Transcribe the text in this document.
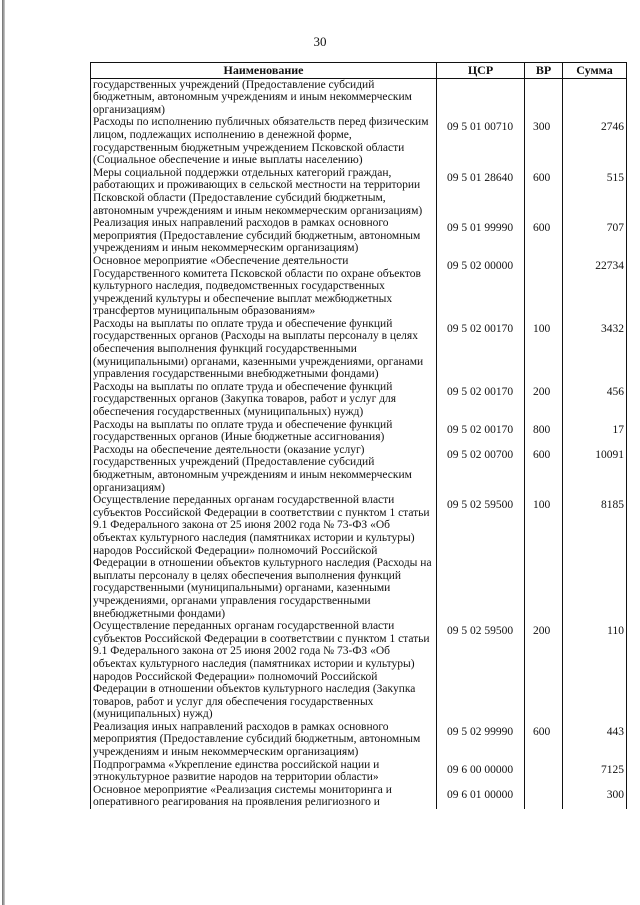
30
Наименование	ЦСР	ВР	Сумма
государственных учреждений (Предоставление субсидий бюджетным, автономным учреждениям и иным некоммерческим организациям)			
Расходы по исполнению публичных обязательств перед физическим лицом, подлежащих исполнению в денежной форме, государственным бюджетным учреждением Псковской области (Социальное обеспечение и иные выплаты населению)	09 5 01 00710	300	2746
Меры социальной поддержки отдельных категорий граждан, работающих и проживающих в сельской местности на территории Псковской области (Предоставление субсидий бюджетным, автономным учреждениям и иным некоммерческим организациям)	09 5 01 28640	600	515
Реализация иных направлений расходов в рамках основного мероприятия (Предоставление субсидий бюджетным, автономным учреждениям и иным некоммерческим организациям)	09 5 01 99990	600	707
Основное мероприятие «Обеспечение деятельности Государственного комитета Псковской области по охране объектов культурного наследия, подведомственных государственных учреждений культуры и обеспечение выплат межбюджетных трансфертов муниципальным образованиям»	09 5 02 00000		22734
Расходы на выплаты по оплате труда и обеспечение функций государственных органов (Расходы на выплаты персоналу в целях обеспечения выполнения функций государственными (муниципальными) органами, казенными учреждениями, органами управления государственными внебюджетными фондами)	09 5 02 00170	100	3432
Расходы на выплаты по оплате труда и обеспечение функций государственных органов (Закупка товаров, работ и услуг для обеспечения государственных (муниципальных) нужд)	09 5 02 00170	200	456
Расходы на выплаты по оплате труда и обеспечение функций государственных органов (Иные бюджетные ассигнования)	09 5 02 00170	800	17
Расходы на обеспечение деятельности (оказание услуг) государственных учреждений (Предоставление субсидий бюджетным, автономным учреждениям и иным некоммерческим организациям)	09 5 02 00700	600	10091
Осуществление переданных органам государственной власти субъектов Российской Федерации в соответствии с пунктом 1 статьи 9.1 Федерального закона от 25 июня 2002 года № 73-ФЗ «Об объектах культурного наследия (памятниках истории и культуры) народов Российской Федерации» полномочий Российской Федерации в отношении объектов культурного наследия (Расходы на выплаты персоналу в целях обеспечения выполнения функций государственными (муниципальными) органами, казенными учреждениями, органами управления государственными внебюджетными фондами)	09 5 02 59500	100	8185
Осуществление переданных органам государственной власти субъектов Российской Федерации в соответствии с пунктом 1 статьи 9.1 Федерального закона от 25 июня 2002 года № 73-ФЗ «Об объектах культурного наследия (памятниках истории и культуры) народов Российской Федерации» полномочий Российской Федерации в отношении объектов культурного наследия (Закупка товаров, работ и услуг для обеспечения государственных (муниципальных) нужд)	09 5 02 59500	200	110
Реализация иных направлений расходов в рамках основного мероприятия (Предоставление субсидий бюджетным, автономным учреждениям и иным некоммерческим организациям)	09 5 02 99990	600	443
Подпрограмма «Укрепление единства российской нации и этнокультурное развитие народов на территории области»	09 6 00 00000		7125
Основное мероприятие «Реализация системы мониторинга и оперативного реагирования на проявления религиозного и	09 6 01 00000		300
